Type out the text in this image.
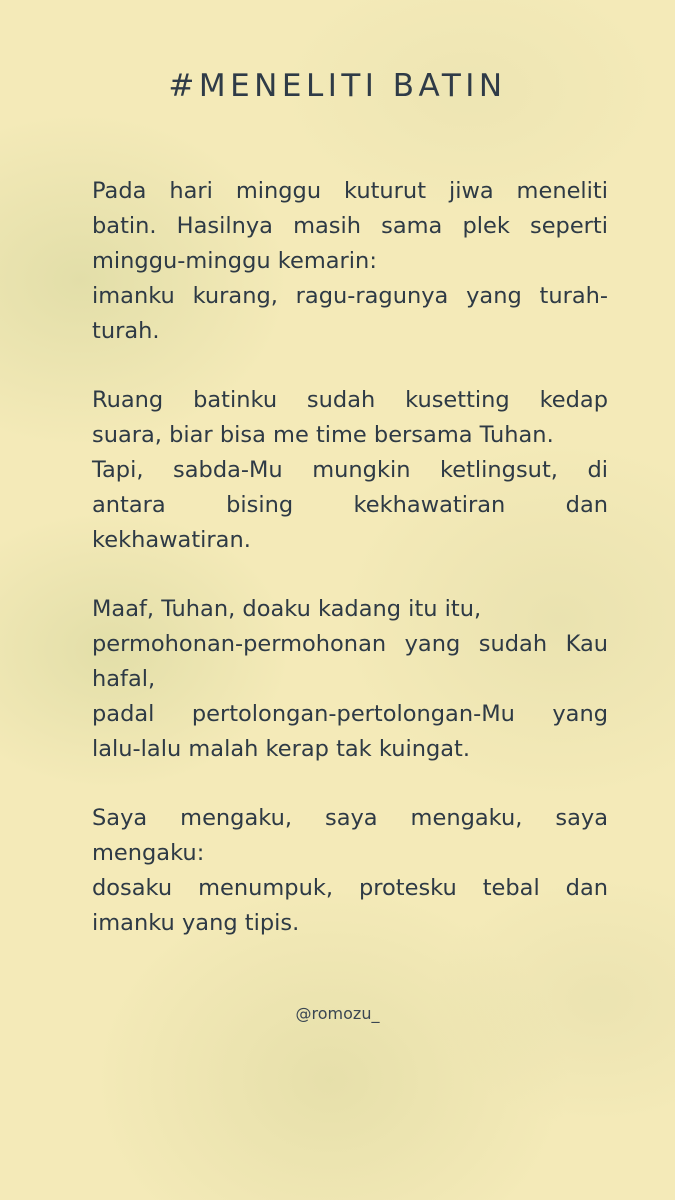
#MENELITI BATIN
Pada hari minggu kuturut jiwa meneliti
batin. Hasilnya masih sama plek seperti
minggu-minggu kemarin:
imanku kurang, ragu-ragunya yang turah-
turah.
Ruang batinku sudah kusetting kedap
suara, biar bisa me time bersama Tuhan.
Tapi, sabda-Mu mungkin ketlingsut, di
antara bising kekhawatiran dan
kekhawatiran.
Maaf, Tuhan, doaku kadang itu itu,
permohonan-permohonan yang sudah Kau
hafal,
padal pertolongan-pertolongan-Mu yang
lalu-lalu malah kerap tak kuingat.
Saya mengaku, saya mengaku, saya
mengaku:
dosaku menumpuk, protesku tebal dan
imanku yang tipis.

@romozu_
